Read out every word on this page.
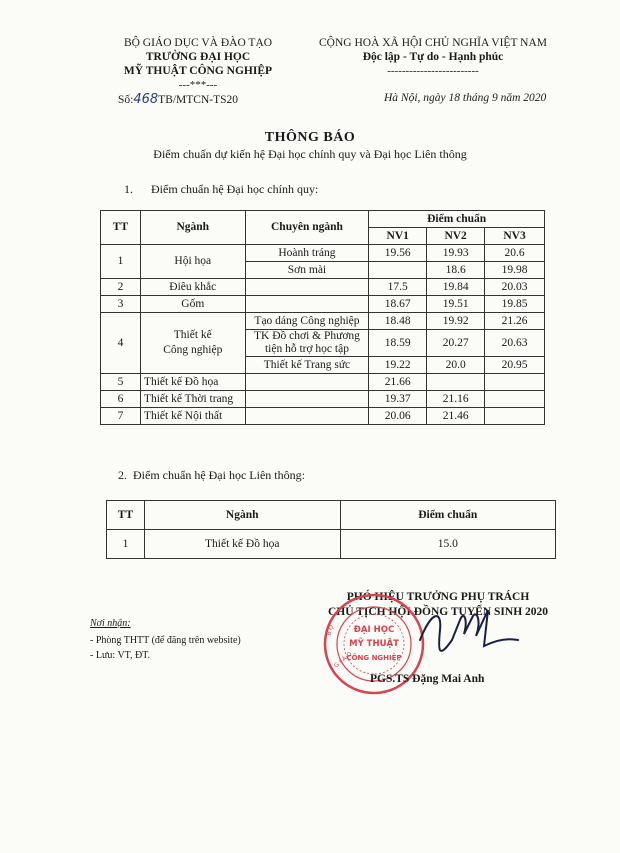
BỘ GIÁO DỤC VÀ ĐÀO TẠO
TRƯỜNG ĐẠI HỌC
MỸ THUẬT CÔNG NGHIỆP
---***---
Số:468TB/MTCN-TS20
CỘNG HOÀ XÃ HỘI CHỦ NGHĨA VIỆT NAM
Độc lập - Tự do - Hạnh phúc
-------------------------
Hà Nội, ngày 18 tháng 9 năm 2020
THÔNG BÁO
Điểm chuẩn dự kiến hệ Đại học chính quy và Đại học Liên thông
1.      Điểm chuẩn hệ Đại học chính quy:
TT	Ngành	Chuyên ngành	Điểm chuẩn		
			NV1	NV2	NV3
1	Hội họa	Hoành tráng	19.56	19.93	20.6
		Sơn mài		18.6	19.98
2	Điêu khắc		17.5	19.84	20.03
3	Gốm		18.67	19.51	19.85
4	Thiết kế
Công nghiệp	Tạo dáng Công nghiệp	18.48	19.92	21.26

		TK Đồ chơi & Phương
tiện hỗ trợ học tập	18.59	20.27	20.63
		Thiết kế Trang sức	19.22	20.0	20.95
5	Thiết kế Đồ họa		21.66		
6	Thiết kế Thời trang		19.37	21.16	
7	Thiết kế Nội thất		20.06	21.46	
2.  Điểm chuẩn hệ Đại học Liên thông:
TT	Ngành	Điểm chuẩn
1	Thiết kế Đồ họa	15.0
PHÓ HIỆU TRƯỞNG PHỤ TRÁCH
CHỦ TỊCH HỘI ĐỒNG TUYỂN SINH 2020
ĐẠI HỌC
MỸ THUẬT
CÔNG NGHIỆP
B Ộ
G I Á O
PGS.TS Đặng Mai Anh
Nơi nhận:
- Phòng THTT (để đăng trên website)
- Lưu: VT, ĐT.
